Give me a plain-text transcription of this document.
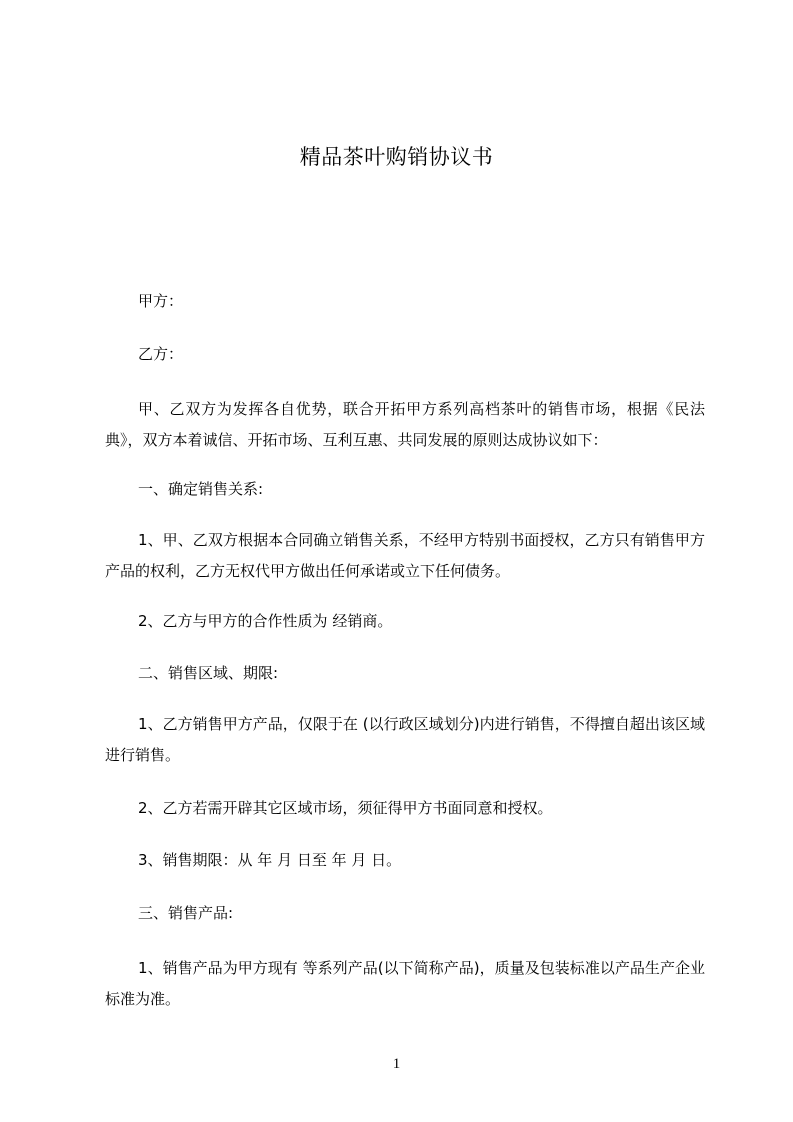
精品茶叶购销协议书
甲方：
乙方：
甲、乙双方为发挥各自优势，联合开拓甲方系列高档茶叶的销售市场，根据《民法典》，双方本着诚信、开拓市场、互利互惠、共同发展的原则达成协议如下：
一、确定销售关系:
1、甲、乙双方根据本合同确立销售关系，不经甲方特别书面授权，乙方只有销售甲方产品的权利，乙方无权代甲方做出任何承诺或立下任何债务。
2、乙方与甲方的合作性质为 经销商。
二、销售区域、期限:
1、乙方销售甲方产品，仅限于在 (以行政区域划分)内进行销售，不得擅自超出该区域进行销售。
2、乙方若需开辟其它区域市场，须征得甲方书面同意和授权。
3、销售期限：从 年 月 日至 年 月 日。
三、销售产品:
1、销售产品为甲方现有 等系列产品(以下简称产品)，质量及包装标准以产品生产企业标准为准。
1
